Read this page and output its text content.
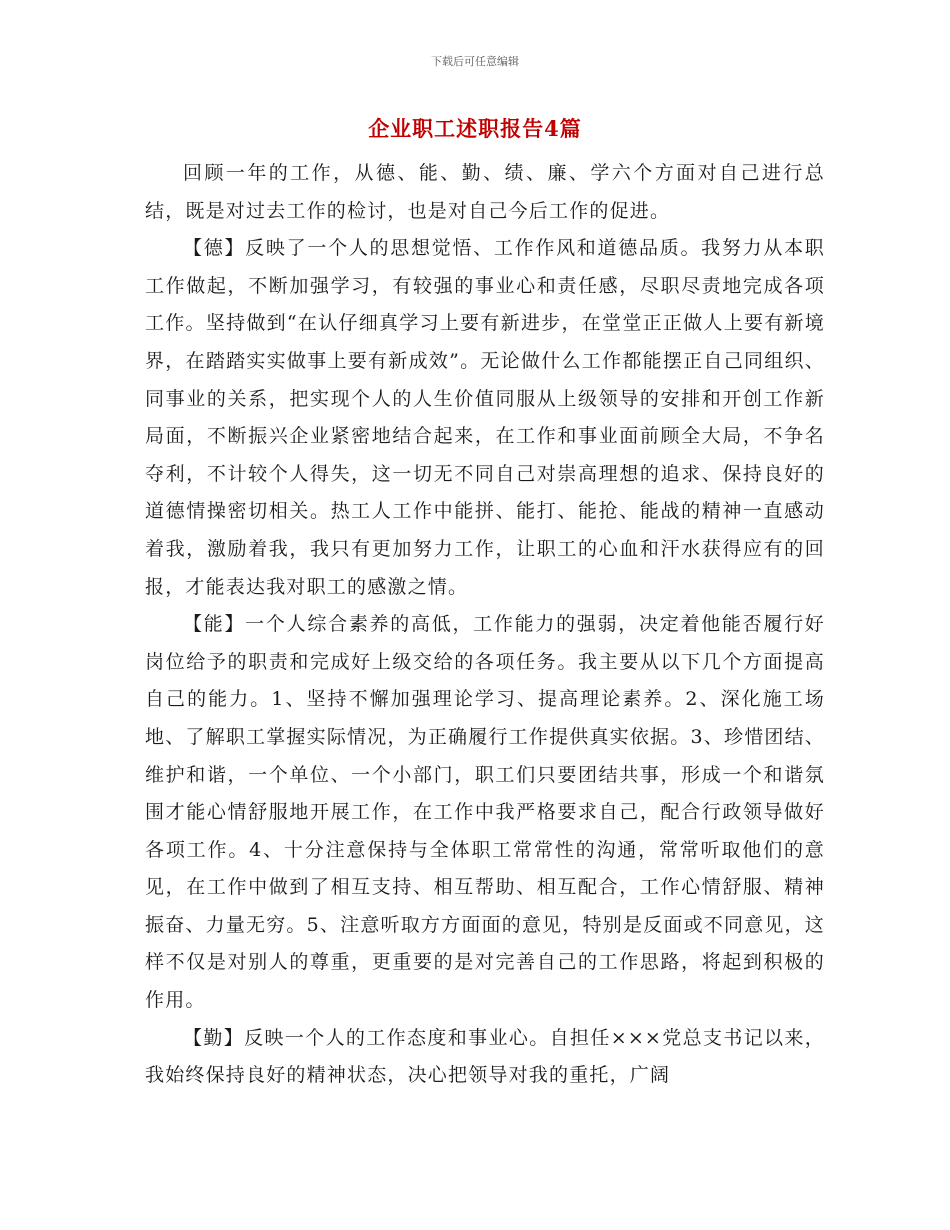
下载后可任意编辑
企业职工述职报告4篇

回顾一年的工作，从德、能、勤、绩、廉、学六个方面对自己进行总结，既是对过去工作的检讨，也是对自己今后工作的促进。

【德】反映了一个人的思想觉悟、工作作风和道德品质。我努力从本职工作做起，不断加强学习，有较强的事业心和责任感，尽职尽责地完成各项工作。坚持做到“在认仔细真学习上要有新进步，在堂堂正正做人上要有新境界，在踏踏实实做事上要有新成效”。无论做什么工作都能摆正自己同组织、同事业的关系，把实现个人的人生价值同服从上级领导的安排和开创工作新局面，不断振兴企业紧密地结合起来，在工作和事业面前顾全大局，不争名夺利，不计较个人得失，这一切无不同自己对崇高理想的追求、保持良好的道德情操密切相关。热工人工作中能拼、能打、能抢、能战的精神一直感动着我，激励着我，我只有更加努力工作，让职工的心血和汗水获得应有的回报，才能表达我对职工的感激之情。

【能】一个人综合素养的高低，工作能力的强弱，决定着他能否履行好岗位给予的职责和完成好上级交给的各项任务。我主要从以下几个方面提高自己的能力。1、坚持不懈加强理论学习、提高理论素养。2、深化施工场地、了解职工掌握实际情况，为正确履行工作提供真实依据。3、珍惜团结、维护和谐，一个单位、一个小部门，职工们只要团结共事，形成一个和谐氛围才能心情舒服地开展工作，在工作中我严格要求自己，配合行政领导做好各项工作。4、十分注意保持与全体职工常常性的沟通，常常听取他们的意见，在工作中做到了相互支持、相互帮助、相互配合，工作心情舒服、精神振奋、力量无穷。5、注意听取方方面面的意见，特别是反面或不同意见，这样不仅是对别人的尊重，更重要的是对完善自己的工作思路，将起到积极的作用。

【勤】反映一个人的工作态度和事业心。自担任×××党总支书记以来，我始终保持良好的精神状态，决心把领导对我的重托，广阔
